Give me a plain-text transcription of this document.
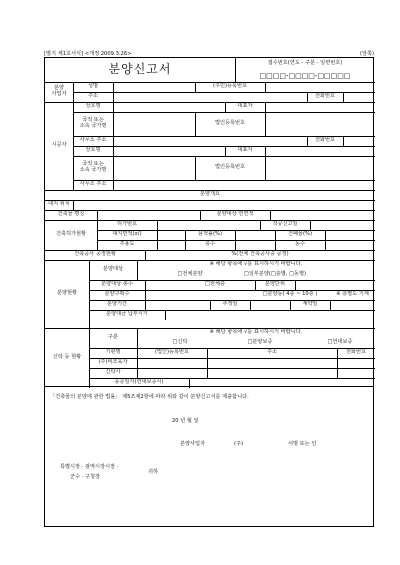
[별지 제1호서식] <개정 2009.3.26>	(앞쪽)
분양신고서	접수번호(연도 - 구분 - 일련번호)
□□□□-□□□□-□□□□□
분양
사업자
성명	(주민)등록번호
주소	전화번호
시공자
상호명	대표자
국적 또는
소속 국가명	법인등록번호
사무소 주소	전화번호
상호명	대표자
국적 또는
소속 국가명	법인등록번호
사무소 주소
분양개요
대지 위치
건축물 명칭	분양대상 연면적
건축허가현황
허가번호	착공신고일
대지면적(㎡)	용적률(%)	건폐율(%)
주용도	층수	동수
건축공사 공정현황	%(전체 건축공사중 공정)
분양현황
분양대상
※ 해당 항목에 √를 표시하시기 바랍니다.
□전체분양	□일부분양(□층별, □동별)
분양대상 총수	□전체층	분양단위
분양구획수	□분양동( 4층 ~ 10층 )	※ 층별도 기재
분양기간	추정일	계약일
분양대금 납부시기
신탁 등 현황
구분
※ 해당 항목에 √를 표시하시기 바랍니다.
□신탁	□분양보증	□연대보증
기관명	(법인)등록번호	주소	전화번호
(주)비조육자
신탁사
종증일자(연대보증시)
「건축물의 분양에 관한 법률」 제5조제2항에 따라 위와 같이 분양신고서를 제출합니다.
20 년 월 일
분양사업자	(주)	서명 또는 인
특별시장 · 광역시장시장 ·
군수 · 구청장
귀하
